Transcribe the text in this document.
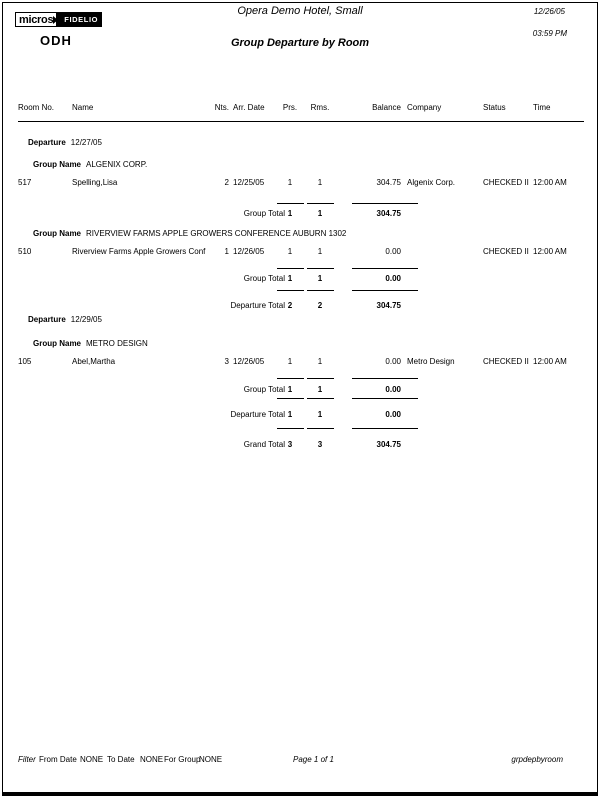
micros	FIDELIO
ODH
Opera Demo Hotel, Small
Group Departure by Room
12/26/05
03:59 PM
Room No.	Name	Nts. Arr. Date	Prs.	Rms.	Balance Company	Status	Time
Departure 12/27/05
Group Name ALGENIX CORP.
517	Spelling,Lisa	2 12/25/05	1	1	304.75 Algenix Corp.	CHECKED II 12:00 AM
Group Total 1	1	304.75
Group Name RIVERVIEW FARMS APPLE GROWERS CONFERENCE AUBURN 1302
510	Riverview Farms Apple Growers Conf	1 12/26/05	1	1	0.00	CHECKED II 12:00 AM
Group Total 1	1	0.00
Departure Total 2	2	304.75
Departure 12/29/05
Group Name METRO DESIGN
105	Abel,Martha	3 12/26/05	1	1	0.00 Metro Design	CHECKED II 12:00 AM
Group Total 1	1	0.00
Departure Total 1	1	0.00
Grand Total 3	3	304.75
Filter From Date NONE To Date NONE For Group
NONE	Page 1 of 1	grpdepbyroom
